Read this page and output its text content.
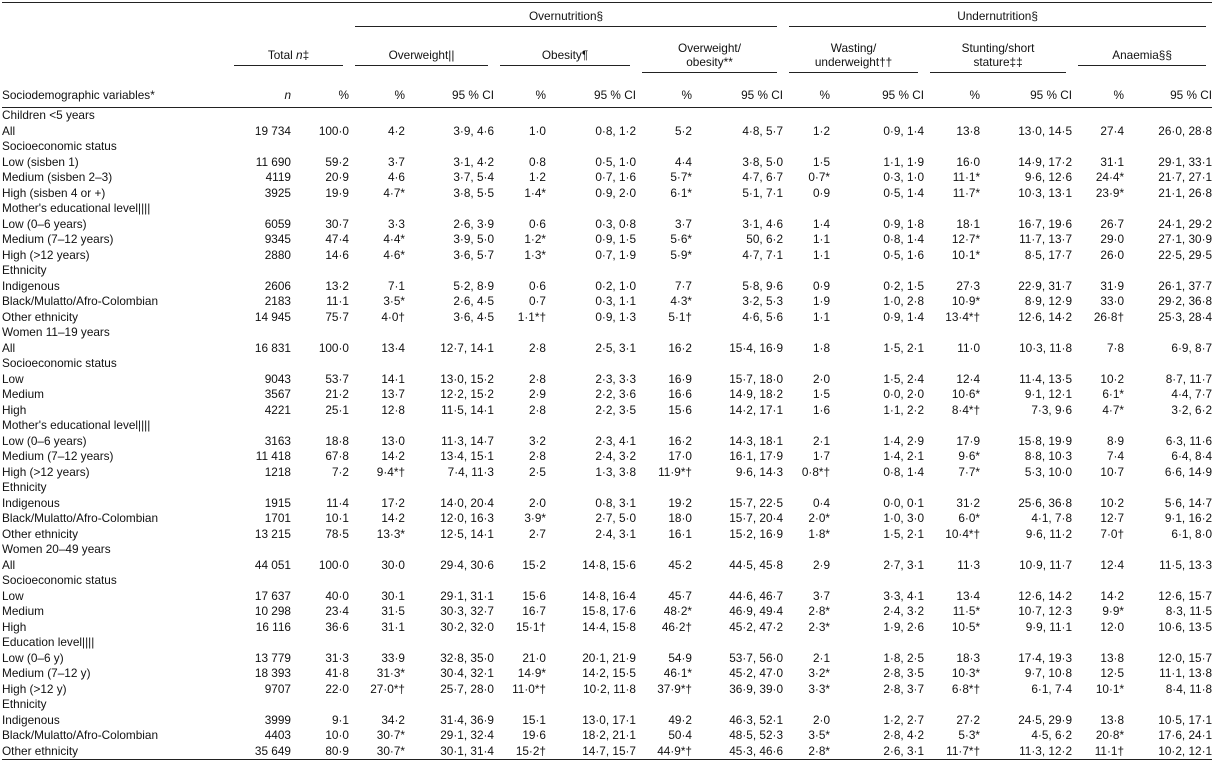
			Overnutrition§						Undernutrition§					

	Total n‡		Overweight||		Obesity¶		Overweight/
obesity**		Wasting/
underweight††		Stunting/short
stature‡‡		Anaemia§§	

Sociodemographic variables*	n	%	%	95 % CI	%	95 % CI	%	95 % CI	%	95 % CI	%	95 % CI	%	95 % CI
Children <5 years														
All	19 734	100·0	4·2	3·9, 4·6	1·0	0·8, 1·2	5·2	4·8, 5·7	1·2	0·9, 1·4	13·8	13·0, 14·5	27·4	26·0, 28·8
Socioeconomic status														
Low (sisben 1)	11 690	59·2	3·7	3·1, 4·2	0·8	0·5, 1·0	4·4	3·8, 5·0	1·5	1·1, 1·9	16·0	14·9, 17·2	31·1	29·1, 33·1
Medium (sisben 2–3)	4119	20·9	4·6	3·7, 5·4	1·2	0·7, 1·6	5·7*	4·7, 6·7	0·7*	0·3, 1·0	11·1*	9·6, 12·6	24·4*	21·7, 27·1
High (sisben 4 or +)	3925	19·9	4·7*	3·8, 5·5	1·4*	0·9, 2·0	6·1*	5·1, 7·1	0·9	0·5, 1·4	11·7*	10·3, 13·1	23·9*	21·1, 26·8
Mother's educational level||||														
Low (0–6 years)	6059	30·7	3·3	2·6, 3·9	0·6	0·3, 0·8	3·7	3·1, 4·6	1·4	0·9, 1·8	18·1	16·7, 19·6	26·7	24·1, 29·2
Medium (7–12 years)	9345	47·4	4·4*	3·9, 5·0	1·2*	0·9, 1·5	5·6*	50, 6·2	1·1	0·8, 1·4	12·7*	11·7, 13·7	29·0	27·1, 30·9
High (>12 years)	2880	14·6	4·6*	3·6, 5·7	1·3*	0·7, 1·9	5·9*	4·7, 7·1	1·1	0·5, 1·6	10·1*	8·5, 17·7	26·0	22·5, 29·5
Ethnicity														
Indigenous	2606	13·2	7·1	5·2, 8·9	0·6	0·2, 1·0	7·7	5·8, 9·6	0·9	0·2, 1·5	27·3	22·9, 31·7	31·9	26·1, 37·7
Black/Mulatto/Afro-Colombian	2183	11·1	3·5*	2·6, 4·5	0·7	0·3, 1·1	4·3*	3·2, 5·3	1·9	1·0, 2·8	10·9*	8·9, 12·9	33·0	29·2, 36·8
Other ethnicity	14 945	75·7	4·0†	3·6, 4·5	1·1*†	0·9, 1·3	5·1†	4·6, 5·6	1·1	0·9, 1·4	13·4*†	12·6, 14·2	26·8†	25·3, 28·4
Women 11–19 years														
All	16 831	100·0	13·4	12·7, 14·1	2·8	2·5, 3·1	16·2	15·4, 16·9	1·8	1·5, 2·1	11·0	10·3, 11·8	7·8	6·9, 8·7
Socioeconomic status														
Low	9043	53·7	14·1	13·0, 15·2	2·8	2·3, 3·3	16·9	15·7, 18·0	2·0	1·5, 2·4	12·4	11·4, 13·5	10·2	8·7, 11·7
Medium	3567	21·2	13·7	12·2, 15·2	2·9	2·2, 3·6	16·6	14·9, 18·2	1·5	0·0, 2·0	10·6*	9·1, 12·1	6·1*	4·4, 7·7
High	4221	25·1	12·8	11·5, 14·1	2·8	2·2, 3·5	15·6	14·2, 17·1	1·6	1·1, 2·2	8·4*†	7·3, 9·6	4·7*	3·2, 6·2
Mother's educational level||||														
Low (0–6 years)	3163	18·8	13·0	11·3, 14·7	3·2	2·3, 4·1	16·2	14·3, 18·1	2·1	1·4, 2·9	17·9	15·8, 19·9	8·9	6·3, 11·6
Medium (7–12 years)	11 418	67·8	14·2	13·4, 15·1	2·8	2·4, 3·2	17·0	16·1, 17·9	1·7	1·4, 2·1	9·6*	8·8, 10·3	7·4	6·4, 8·4
High (>12 years)	1218	7·2	9·4*†	7·4, 11·3	2·5	1·3, 3·8	11·9*†	9·6, 14·3	0·8*†	0·8, 1·4	7·7*	5·3, 10·0	10·7	6·6, 14·9
Ethnicity														
Indigenous	1915	11·4	17·2	14·0, 20·4	2·0	0·8, 3·1	19·2	15·7, 22·5	0·4	0·0, 0·1	31·2	25·6, 36·8	10·2	5·6, 14·7
Black/Mulatto/Afro-Colombian	1701	10·1	14·2	12·0, 16·3	3·9*	2·7, 5·0	18·0	15·7, 20·4	2·0*	1·0, 3·0	6·0*	4·1, 7·8	12·7	9·1, 16·2
Other ethnicity	13 215	78·5	13·3*	12·5, 14·1	2·7	2·4, 3·1	16·1	15·2, 16·9	1·8*	1·5, 2·1	10·4*†	9·6, 11·2	7·0†	6·1, 8·0
Women 20–49 years														
All	44 051	100·0	30·0	29·4, 30·6	15·2	14·8, 15·6	45·2	44·5, 45·8	2·9	2·7, 3·1	11·3	10·9, 11·7	12·4	11·5, 13·3
Socioeconomic status														
Low	17 637	40·0	30·1	29·1, 31·1	15·6	14·8, 16·4	45·7	44·6, 46·7	3·7	3·3, 4·1	13·4	12·6, 14·2	14·2	12·6, 15·7
Medium	10 298	23·4	31·5	30·3, 32·7	16·7	15·8, 17·6	48·2*	46·9, 49·4	2·8*	2·4, 3·2	11·5*	10·7, 12·3	9·9*	8·3, 11·5
High	16 116	36·6	31·1	30·2, 32·0	15·1†	14·4, 15·8	46·2†	45·2, 47·2	2·3*	1·9, 2·6	10·5*	9·9, 11·1	12·0	10·6, 13·5
Education level||||														
Low (0–6 y)	13 779	31·3	33·9	32·8, 35·0	21·0	20·1, 21·9	54·9	53·7, 56·0	2·1	1·8, 2·5	18·3	17·4, 19·3	13·8	12·0, 15·7
Medium (7–12 y)	18 393	41·8	31·3*	30·4, 32·1	14·9*	14·2, 15·5	46·1*	45·2, 47·0	3·2*	2·8, 3·5	10·3*	9·7, 10·8	12·5	11·1, 13·8
High (>12 y)	9707	22·0	27·0*†	25·7, 28·0	11·0*†	10·2, 11·8	37·9*†	36·9, 39·0	3·3*	2·8, 3·7	6·8*†	6·1, 7·4	10·1*	8·4, 11·8
Ethnicity														
Indigenous	3999	9·1	34·2	31·4, 36·9	15·1	13·0, 17·1	49·2	46·3, 52·1	2·0	1·2, 2·7	27·2	24·5, 29·9	13·8	10·5, 17·1
Black/Mulatto/Afro-Colombian	4403	10·0	30·7*	29·1, 32·4	19·6	18·2, 21·1	50·4	48·5, 52·3	3·5*	2·8, 4·2	5·3*	4·5, 6·2	20·8*	17·6, 24·1
Other ethnicity	35 649	80·9	30·7*	30·1, 31·4	15·2†	14·7, 15·7	44·9*†	45·3, 46·6	2·8*	2·6, 3·1	11·7*†	11·3, 12·2	11·1†	10·2, 12·1
